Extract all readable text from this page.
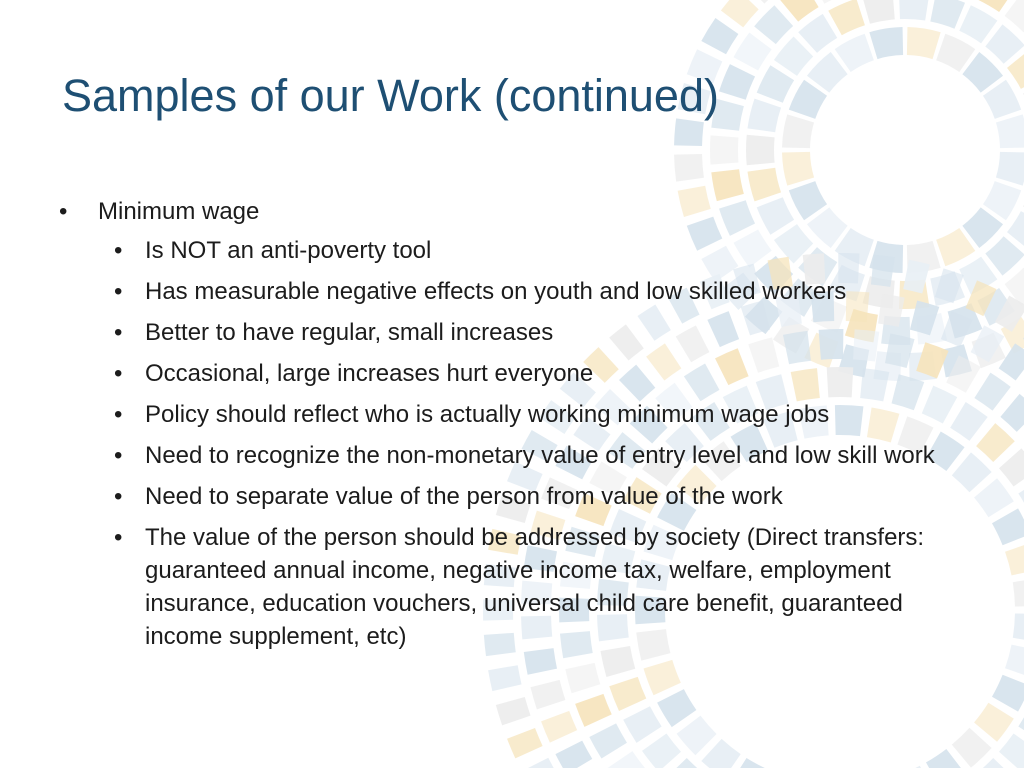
Samples of our Work (continued)
• Minimum wage
• Is NOT an anti-poverty tool
• Has measurable negative effects on youth and low skilled workers
• Better to have regular, small increases
• Occasional, large increases hurt everyone
• Policy should reflect who is actually working minimum wage jobs
• Need to recognize the non-monetary value of entry level and low skill work
• Need to separate value of the person from value of the work
• The value of the person should be addressed by society (Direct transfers: guaranteed annual income, negative income tax, welfare, employment insurance, education vouchers, universal child care benefit, guaranteed income supplement, etc)
